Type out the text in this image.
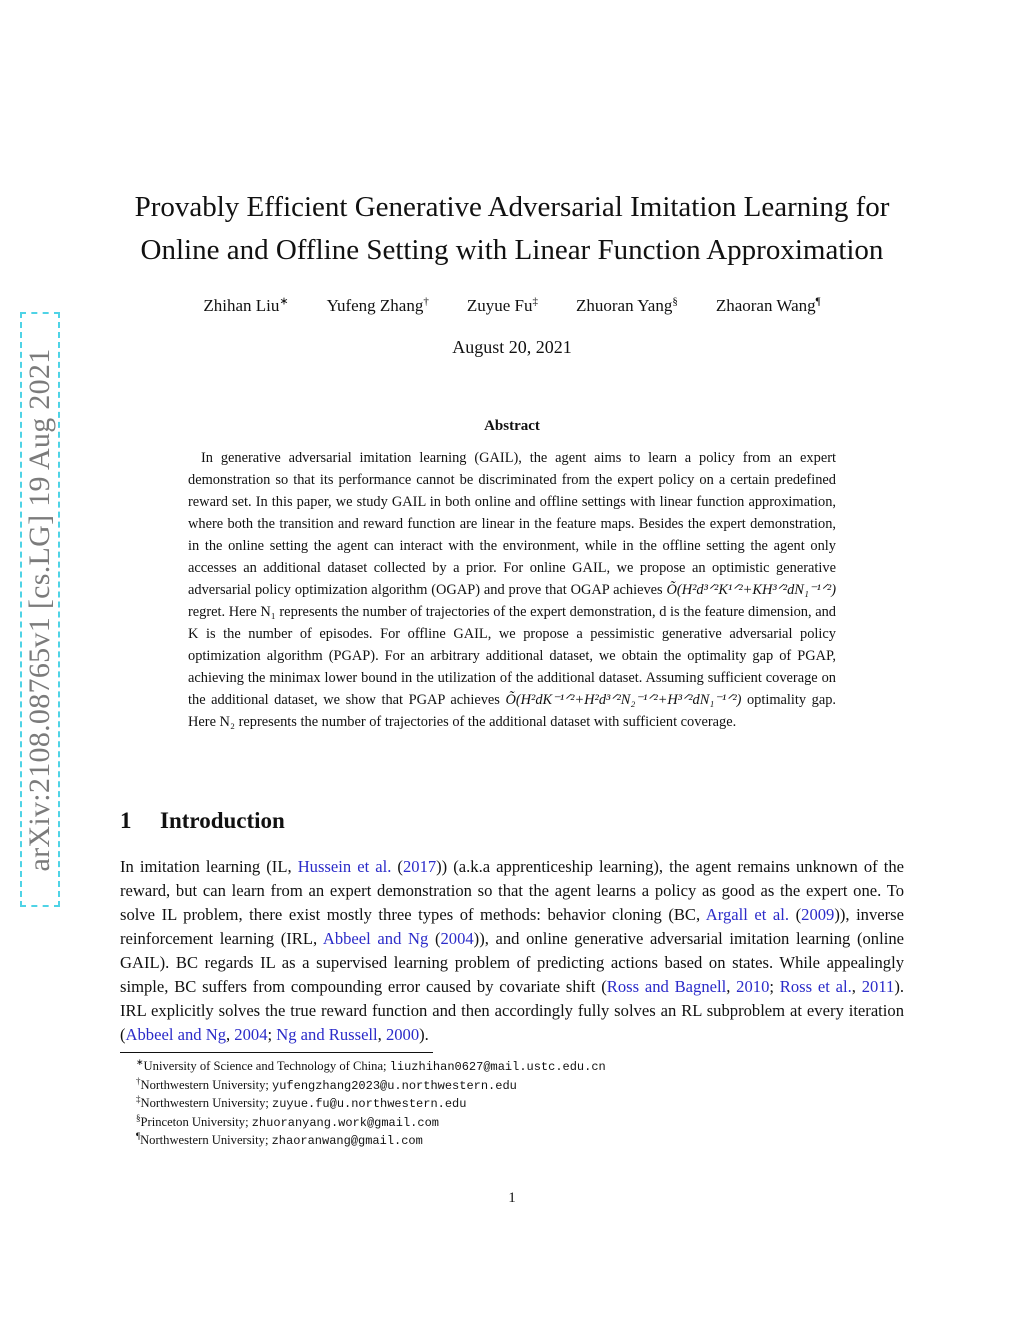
arXiv:2108.08765v1 [cs.LG] 19 Aug 2021
Provably Efficient Generative Adversarial Imitation Learning for
Online and Offline Setting with Linear Function Approximation
Zhihan Liu∗ Yufeng Zhang† Zuyue Fu‡ Zhuoran Yang§ Zhaoran Wang¶
August 20, 2021
Abstract

In generative adversarial imitation learning (GAIL), the agent aims to learn a policy from an expert demonstration so that its performance cannot be discriminated from the expert policy on a certain predefined reward set. In this paper, we study GAIL in both online and offline settings with linear function approximation, where both the transition and reward function are linear in the feature maps. Besides the expert demonstration, in the online setting the agent can interact with the environment, while in the offline setting the agent only accesses an additional dataset collected by a prior. For online GAIL, we propose an optimistic generative adversarial policy optimization algorithm (OGAP) and prove that OGAP achieves Õ(H²d³ᐟ²K¹ᐟ²+KH³ᐟ²dN₁⁻¹ᐟ²) regret. Here N₁ represents the number of trajectories of the expert demonstration, d is the feature dimension, and K is the number of episodes. For offline GAIL, we propose a pessimistic generative adversarial policy optimization algorithm (PGAP). For an arbitrary additional dataset, we obtain the optimality gap of PGAP, achieving the minimax lower bound in the utilization of the additional dataset. Assuming sufficient coverage on the additional dataset, we show that PGAP achieves Õ(H²dK⁻¹ᐟ²+H²d³ᐟ²N₂⁻¹ᐟ²+H³ᐟ²dN₁⁻¹ᐟ²) optimality gap. Here N₂ represents the number of trajectories of the additional dataset with sufficient coverage.

1 Introduction

In imitation learning (IL, Hussein et al. (2017)) (a.k.a apprenticeship learning), the agent remains unknown of the reward, but can learn from an expert demonstration so that the agent learns a policy as good as the expert one. To solve IL problem, there exist mostly three types of methods: behavior cloning (BC, Argall et al. (2009)), inverse reinforcement learning (IRL, Abbeel and Ng (2004)), and online generative adversarial imitation learning (online GAIL). BC regards IL as a supervised learning problem of predicting actions based on states. While appealingly simple, BC suffers from compounding error caused by covariate shift (Ross and Bagnell, 2010; Ross et al., 2011). IRL explicitly solves the true reward function and then accordingly fully solves an RL subproblem at every iteration (Abbeel and Ng, 2004; Ng and Russell, 2000).

∗University of Science and Technology of China; liuzhihan0627@mail.ustc.edu.cn
†Northwestern University; yufengzhang2023@u.northwestern.edu
‡Northwestern University; zuyue.fu@u.northwestern.edu
§Princeton University; zhuoranyang.work@gmail.com
¶Northwestern University; zhaoranwang@gmail.com
1
